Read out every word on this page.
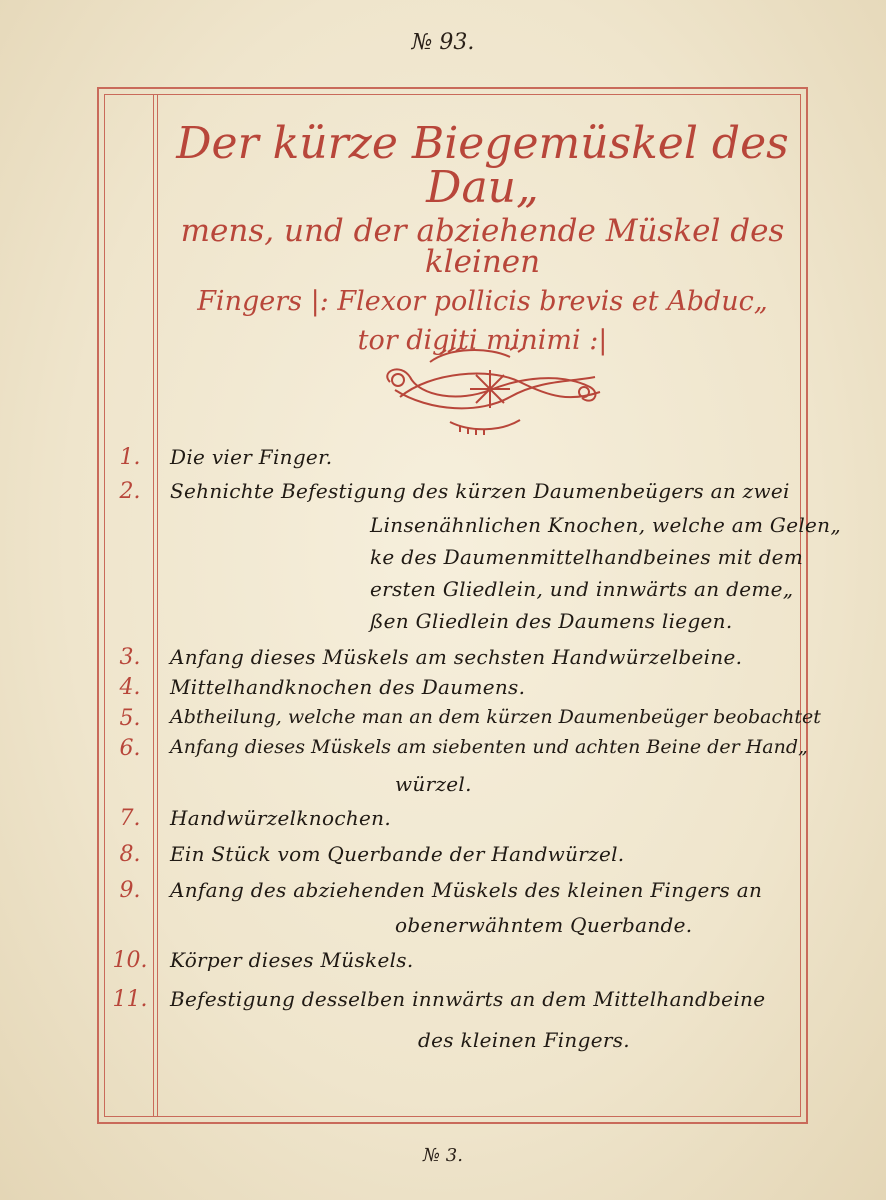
№ 93.
Der kürze Biegemüskel des Dau„
mens, und der abziehende Müskel des kleinen
Fingers |: Flexor pollicis brevis et Abduc„
tor digiti minimi :|
1.	Die vier Finger.
2.	Sehnichte Befestigung des kürzen Daumenbeügers an zwei
Linsenähnlichen Knochen, welche am Gelen„
ke des Daumenmittelhandbeines mit dem
ersten Gliedlein, und innwärts an deme„
ßen Gliedlein des Daumens liegen.
3.	Anfang dieses Müskels am sechsten Handwürzelbeine.
4.	Mittelhandknochen des Daumens.
5.	Abtheilung, welche man an dem kürzen Daumenbeüger beobachtet
6.	Anfang dieses Müskels am siebenten und achten Beine der Hand„
würzel.
7.	Handwürzelknochen.
8.	Ein Stück vom Querbande der Handwürzel.
9.	Anfang des abziehenden Müskels des kleinen Fingers an
obenerwähntem Querbande.
10. Körper dieses Müskels.
11. Befestigung desselben innwärts an dem Mittelhandbeine
des kleinen Fingers.
№ 3.
